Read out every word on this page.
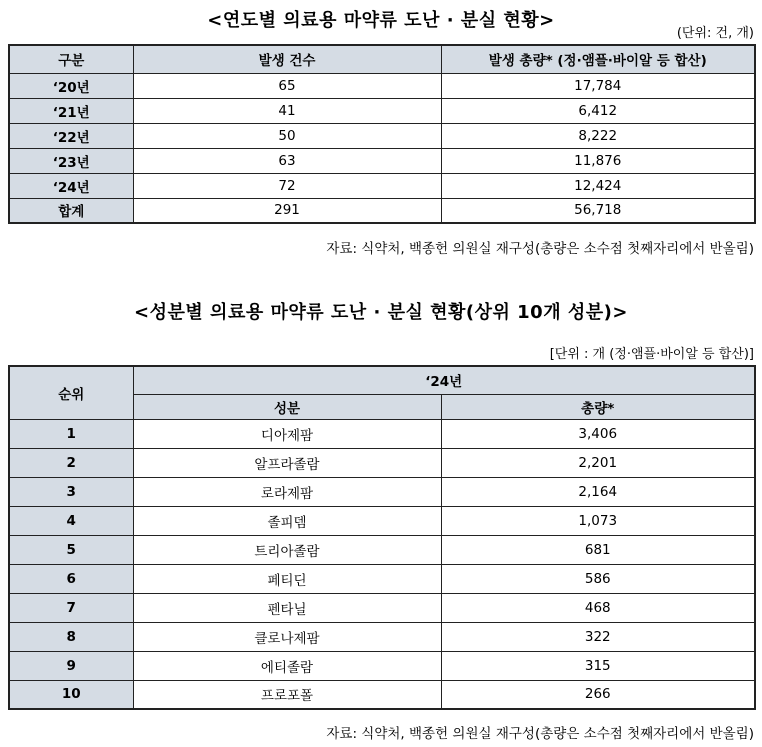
<연도별 의료용 마약류 도난 · 분실 현황>
(단위: 건, 개)
구분	발생 건수	발생 총량* (정·앰플·바이알 등 합산)
‘20년	65	17,784
‘21년	41	6,412
‘22년	50	8,222
‘23년	63	11,876
‘24년	72	12,424
합계	291	56,718
자료: 식약처, 백종헌 의원실 재구성(총량은 소수점 첫째자리에서 반올림)
<성분별 의료용 마약류 도난 · 분실 현황(상위 10개 성분)>
[단위 : 개 (정·앰플·바이알 등 합산)]
순위	‘24년	
	성분	총량*
1	디아제팜	3,406
2	알프라졸람	2,201
3	로라제팜	2,164
4	졸피뎀	1,073
5	트리아졸람	681
6	페티딘	586
7	펜타닐	468
8	클로나제팜	322
9	에티졸람	315
10	프로포폴	266
자료: 식약처, 백종헌 의원실 재구성(총량은 소수점 첫째자리에서 반올림)
